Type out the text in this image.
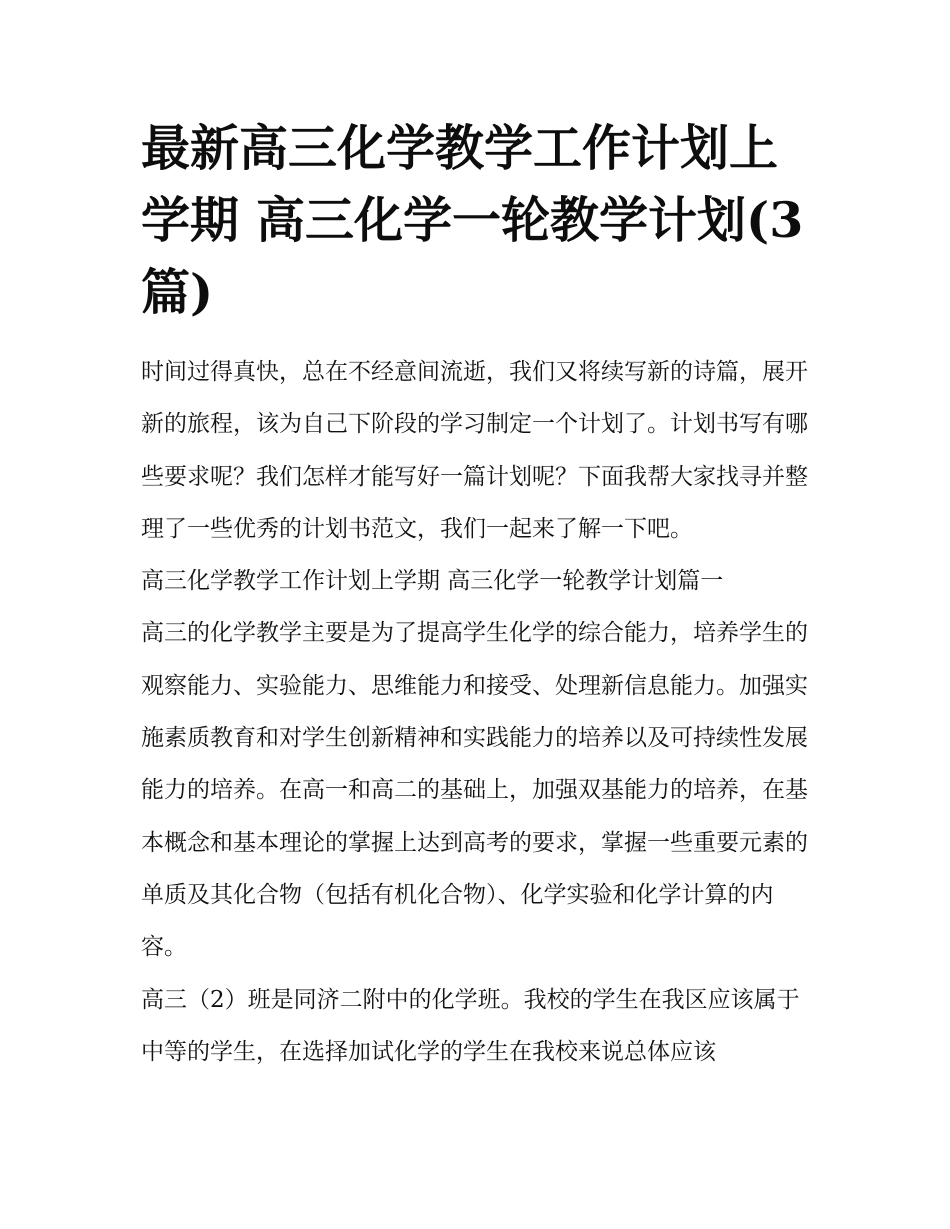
最新高三化学教学工作计划上
学期 高三化学一轮教学计划(3
篇)

时间过得真快，总在不经意间流逝，我们又将续写新的诗篇，展开新的旅程，该为自己下阶段的学习制定一个计划了。计划书写有哪些要求呢？我们怎样才能写好一篇计划呢？下面我帮大家找寻并整理了一些优秀的计划书范文，我们一起来了解一下吧。

高三化学教学工作计划上学期 高三化学一轮教学计划篇一

高三的化学教学主要是为了提高学生化学的综合能力，培养学生的观察能力、实验能力、思维能力和接受、处理新信息能力。加强实施素质教育和对学生创新精神和实践能力的培养以及可持续性发展能力的培养。在高一和高二的基础上，加强双基能力的培养，在基本概念和基本理论的掌握上达到高考的要求，掌握一些重要元素的单质及其化合物（包括有机化合物）、化学实验和化学计算的内容。

高三（2）班是同济二附中的化学班。我校的学生在我区应该属于中等的学生，在选择加试化学的学生在我校来说总体应该
